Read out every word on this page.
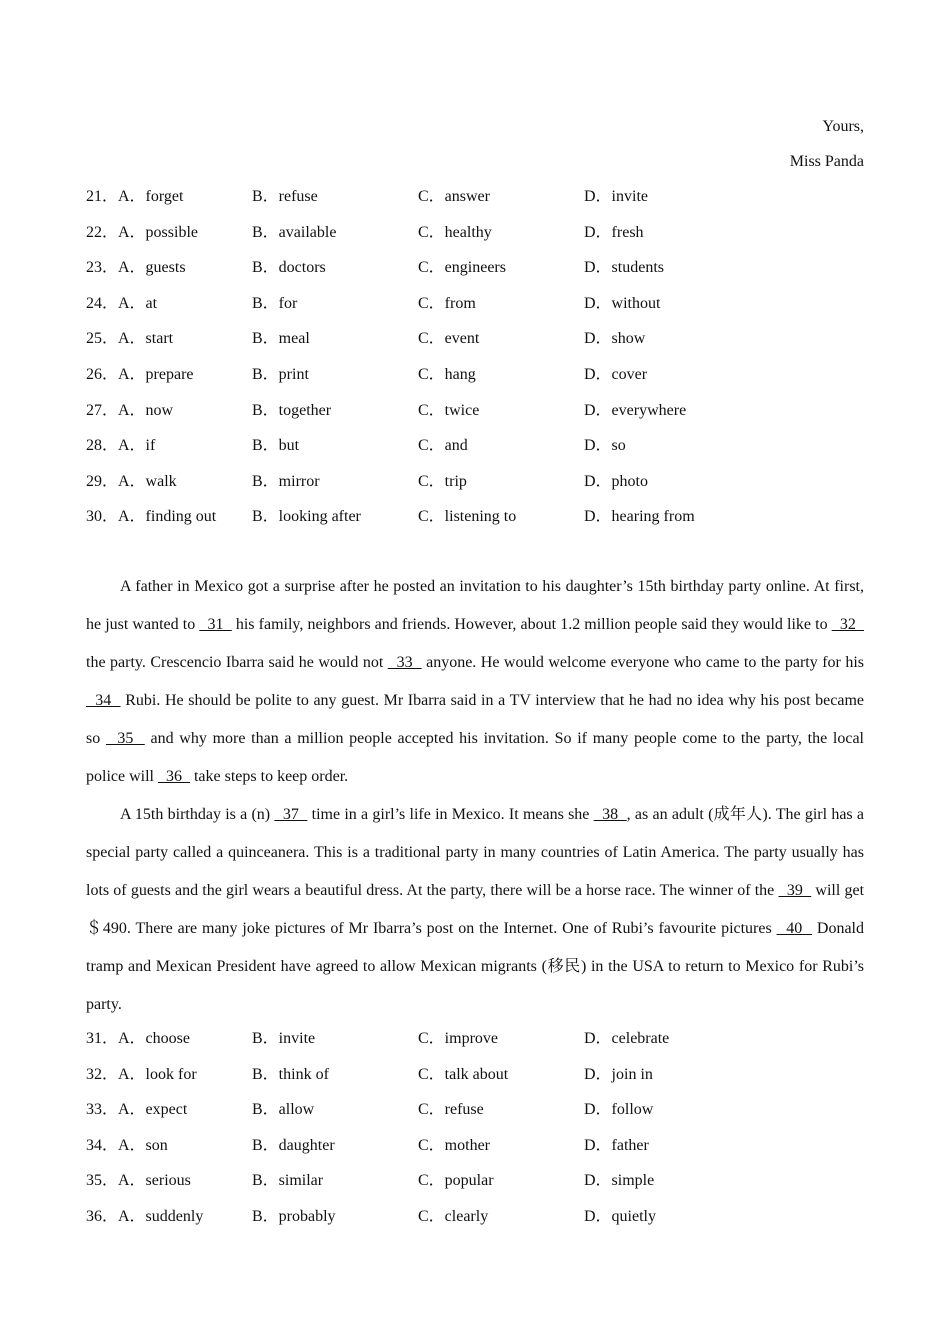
Yours,
Miss Panda
21．A．forget	B．refuse	C．answer	D．invite
22．A．possible	B．available	C．healthy	D．fresh
23．A．guests	B．doctors	C．engineers	D．students
24．A．at	B．for	C．from	D．without
25．A．start	B．meal	C．event	D．show
26．A．prepare	B．print	C．hang	D．cover
27．A．now	B．together	C．twice	D．everywhere
28．A．if	B．but	C．and	D．so
29．A．walk	B．mirror	C．trip	D．photo
30．A．finding out B．looking after	C．listening to	D．hearing from

A father in Mexico got a surprise after he posted an invitation to his daughter’s 15th birthday party online. At first, he just wanted to   31   his family, neighbors and friends. However, about 1.2 million people said they would like to   32   the party. Crescencio Ibarra said he would not   33   anyone. He would welcome everyone who came to the party for his   34   Rubi. He should be polite to any guest. Mr Ibarra said in a TV interview that he had no idea why his post became so   35   and why more than a million people accepted his invitation. So if many people come to the party, the local police will   36   take steps to keep order.

A 15th birthday is a (n)   37   time in a girl’s life in Mexico. It means she   38  , as an adult (成年人). The girl has a special party called a quinceanera. This is a traditional party in many countries of Latin America. The party usually has lots of guests and the girl wears a beautiful dress. At the party, there will be a horse race. The winner of the   39   will get ＄490. There are many joke pictures of Mr Ibarra’s post on the Internet. One of Rubi’s favourite pictures   40   Donald tramp and Mexican President have agreed to allow Mexican migrants (移民) in the USA to return to Mexico for Rubi’s party.

31．A．choose	B．invite	C．improve	D．celebrate
32．A．look for	B．think of	C．talk about	D．join in
33．A．expect	B．allow	C．refuse	D．follow
34．A．son	B．daughter	C．mother	D．father
35．A．serious	B．similar	C．popular	D．simple
36．A．suddenly	B．probably	C．clearly	D．quietly
